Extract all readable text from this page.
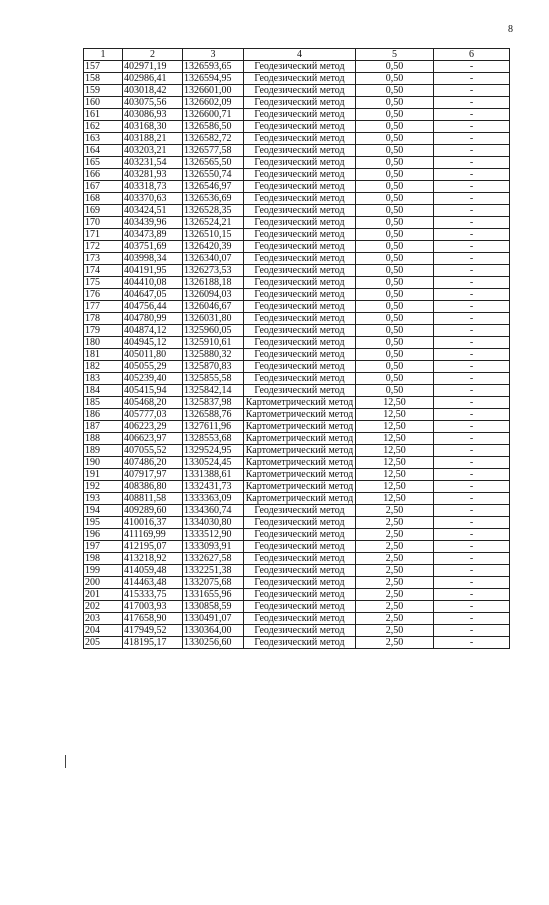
8
1	2	3	4	5	6
157	402971,19	1326593,65	Геодезический метод	0,50	-
158	402986,41	1326594,95	Геодезический метод	0,50	-
159	403018,42	1326601,00	Геодезический метод	0,50	-
160	403075,56	1326602,09	Геодезический метод	0,50	-
161	403086,93	1326600,71	Геодезический метод	0,50	-
162	403168,30	1326586,50	Геодезический метод	0,50	-
163	403188,21	1326582,72	Геодезический метод	0,50	-
164	403203,21	1326577,58	Геодезический метод	0,50	-
165	403231,54	1326565,50	Геодезический метод	0,50	-
166	403281,93	1326550,74	Геодезический метод	0,50	-
167	403318,73	1326546,97	Геодезический метод	0,50	-
168	403370,63	1326536,69	Геодезический метод	0,50	-
169	403424,51	1326528,35	Геодезический метод	0,50	-
170	403439,96	1326524,21	Геодезический метод	0,50	-
171	403473,89	1326510,15	Геодезический метод	0,50	-
172	403751,69	1326420,39	Геодезический метод	0,50	-
173	403998,34	1326340,07	Геодезический метод	0,50	-
174	404191,95	1326273,53	Геодезический метод	0,50	-
175	404410,08	1326188,18	Геодезический метод	0,50	-
176	404647,05	1326094,03	Геодезический метод	0,50	-
177	404756,44	1326046,67	Геодезический метод	0,50	-
178	404780,99	1326031,80	Геодезический метод	0,50	-
179	404874,12	1325960,05	Геодезический метод	0,50	-
180	404945,12	1325910,61	Геодезический метод	0,50	-
181	405011,80	1325880,32	Геодезический метод	0,50	-
182	405055,29	1325870,83	Геодезический метод	0,50	-
183	405239,40	1325855,58	Геодезический метод	0,50	-
184	405415,94	1325842,14	Геодезический метод	0,50	-
185	405468,20	1325837,98	Картометрический метод	12,50	-
186	405777,03	1326588,76	Картометрический метод	12,50	-
187	406223,29	1327611,96	Картометрический метод	12,50	-
188	406623,97	1328553,68	Картометрический метод	12,50	-
189	407055,52	1329524,95	Картометрический метод	12,50	-
190	407486,20	1330524,45	Картометрический метод	12,50	-
191	407917,97	1331388,61	Картометрический метод	12,50	-
192	408386,80	1332431,73	Картометрический метод	12,50	-
193	408811,58	1333363,09	Картометрический метод	12,50	-
194	409289,60	1334360,74	Геодезический метод	2,50	-
195	410016,37	1334030,80	Геодезический метод	2,50	-
196	411169,99	1333512,90	Геодезический метод	2,50	-
197	412195,07	1333093,91	Геодезический метод	2,50	-
198	413218,92	1332627,58	Геодезический метод	2,50	-
199	414059,48	1332251,38	Геодезический метод	2,50	-
200	414463,48	1332075,68	Геодезический метод	2,50	-
201	415333,75	1331655,96	Геодезический метод	2,50	-
202	417003,93	1330858,59	Геодезический метод	2,50	-
203	417658,90	1330491,07	Геодезический метод	2,50	-
204	417949,52	1330364,00	Геодезический метод	2,50	-
205	418195,17	1330256,60	Геодезический метод	2,50	-
